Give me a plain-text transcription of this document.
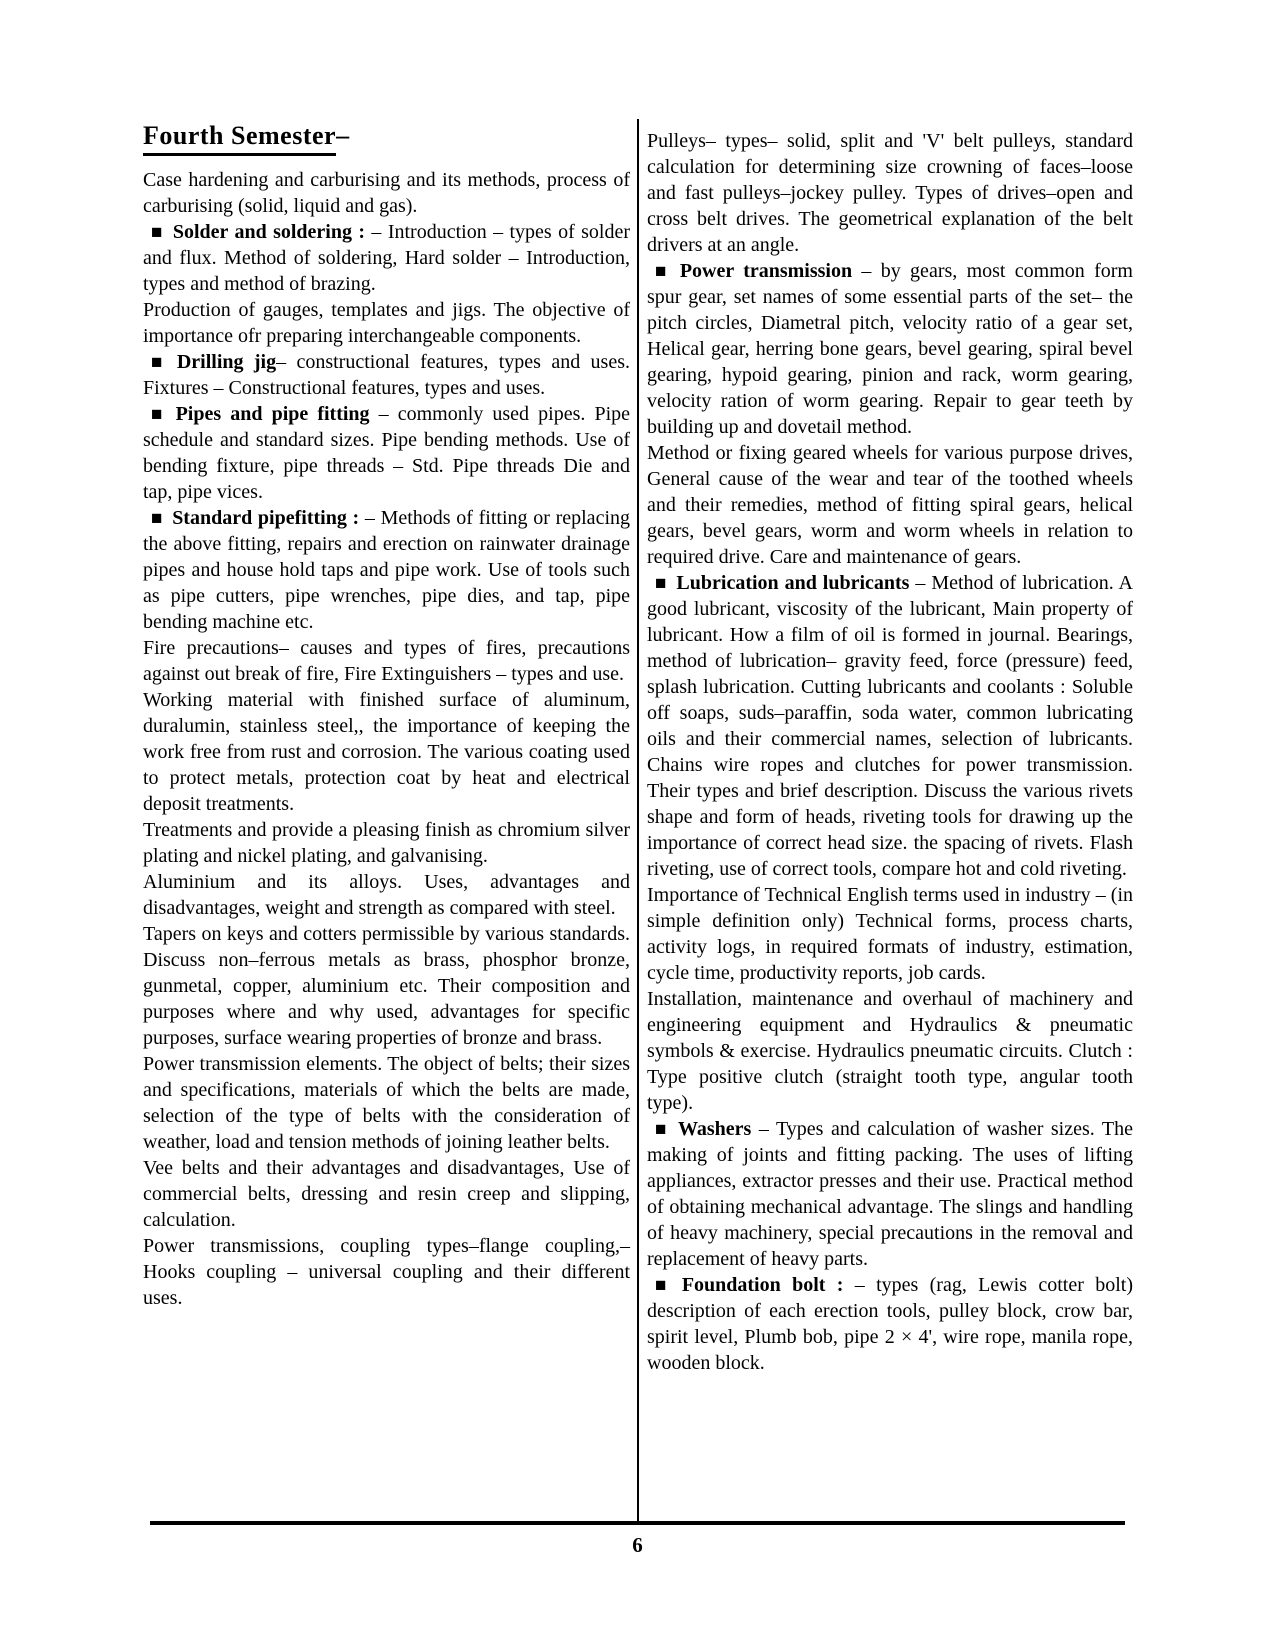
Fourth Semester–

Case hardening and carburising and its methods, process of carburising (solid, liquid and gas).

■ Solder and soldering : – Introduction – types of solder and flux. Method of soldering, Hard solder – Introduction, types and method of brazing.

Production of gauges, templates and jigs. The objective of importance ofr preparing interchangeable components.

■ Drilling jig– constructional features, types and uses. Fixtures – Constructional features, types and uses.

■ Pipes and pipe fitting – commonly used pipes. Pipe schedule and standard sizes. Pipe bending methods. Use of bending fixture, pipe threads – Std. Pipe threads Die and tap, pipe vices.

■ Standard pipefitting : – Methods of fitting or replacing the above fitting, repairs and erection on rainwater drainage pipes and house hold taps and pipe work. Use of tools such as pipe cutters, pipe wrenches, pipe dies, and tap, pipe bending machine etc.

Fire precautions– causes and types of fires, precautions against out break of fire, Fire Extinguishers – types and use.

Working material with finished surface of aluminum, duralumin, stainless steel,, the importance of keeping the work free from rust and corrosion. The various coating used to protect metals, protection coat by heat and electrical deposit treatments.

Treatments and provide a pleasing finish as chromium silver plating and nickel plating, and galvanising.

Aluminium and its alloys. Uses, advantages and disadvantages, weight and strength as compared with steel.

Tapers on keys and cotters permissible by various standards. Discuss non–ferrous metals as brass, phosphor bronze, gunmetal, copper, aluminium etc. Their composition and purposes where and why used, advantages for specific purposes, surface wearing properties of bronze and brass.

Power transmission elements. The object of belts; their sizes and specifications, materials of which the belts are made, selection of the type of belts with the consideration of weather, load and tension methods of joining leather belts.

Vee belts and their advantages and disadvantages, Use of commercial belts, dressing and resin creep and slipping, calculation.

Power transmissions, coupling types–flange coupling,– Hooks coupling – universal coupling and their different uses.

Pulleys– types– solid, split and 'V' belt pulleys, standard calculation for determining size crowning of faces–loose and fast pulleys–jockey pulley. Types of drives–open and cross belt drives. The geometrical explanation of the belt drivers at an angle.

■ Power transmission – by gears, most common form spur gear, set names of some essential parts of the set– the pitch circles, Diametral pitch, velocity ratio of a gear set, Helical gear, herring bone gears, bevel gearing, spiral bevel gearing, hypoid gearing, pinion and rack, worm gearing, velocity ration of worm gearing. Repair to gear teeth by building up and dovetail method.

Method or fixing geared wheels for various purpose drives, General cause of the wear and tear of the toothed wheels and their remedies, method of fitting spiral gears, helical gears, bevel gears, worm and worm wheels in relation to required drive. Care and maintenance of gears.

■ Lubrication and lubricants – Method of lubrication. A good lubricant, viscosity of the lubricant, Main property of lubricant. How a film of oil is formed in journal. Bearings, method of lubrication– gravity feed, force (pressure) feed, splash lubrication. Cutting lubricants and coolants : Soluble off soaps, suds–paraffin, soda water, common lubricating oils and their commercial names, selection of lubricants. Chains wire ropes and clutches for power transmission. Their types and brief description. Discuss the various rivets shape and form of heads, riveting tools for drawing up the importance of correct head size. the spacing of rivets. Flash riveting, use of correct tools, compare hot and cold riveting.

Importance of Technical English terms used in industry – (in simple definition only) Technical forms, process charts, activity logs, in required formats of industry, estimation, cycle time, productivity reports, job cards.

Installation, maintenance and overhaul of machinery and engineering equipment and Hydraulics & pneumatic symbols & exercise. Hydraulics pneumatic circuits. Clutch : Type positive clutch (straight tooth type, angular tooth type).

■ Washers – Types and calculation of washer sizes. The making of joints and fitting packing. The uses of lifting appliances, extractor presses and their use. Practical method of obtaining mechanical advantage. The slings and handling of heavy machinery, special precautions in the removal and replacement of heavy parts.

■ Foundation bolt : – types (rag, Lewis cotter bolt) description of each erection tools, pulley block, crow bar, spirit level, Plumb bob, pipe 2 × 4', wire rope, manila rope, wooden block.

6
